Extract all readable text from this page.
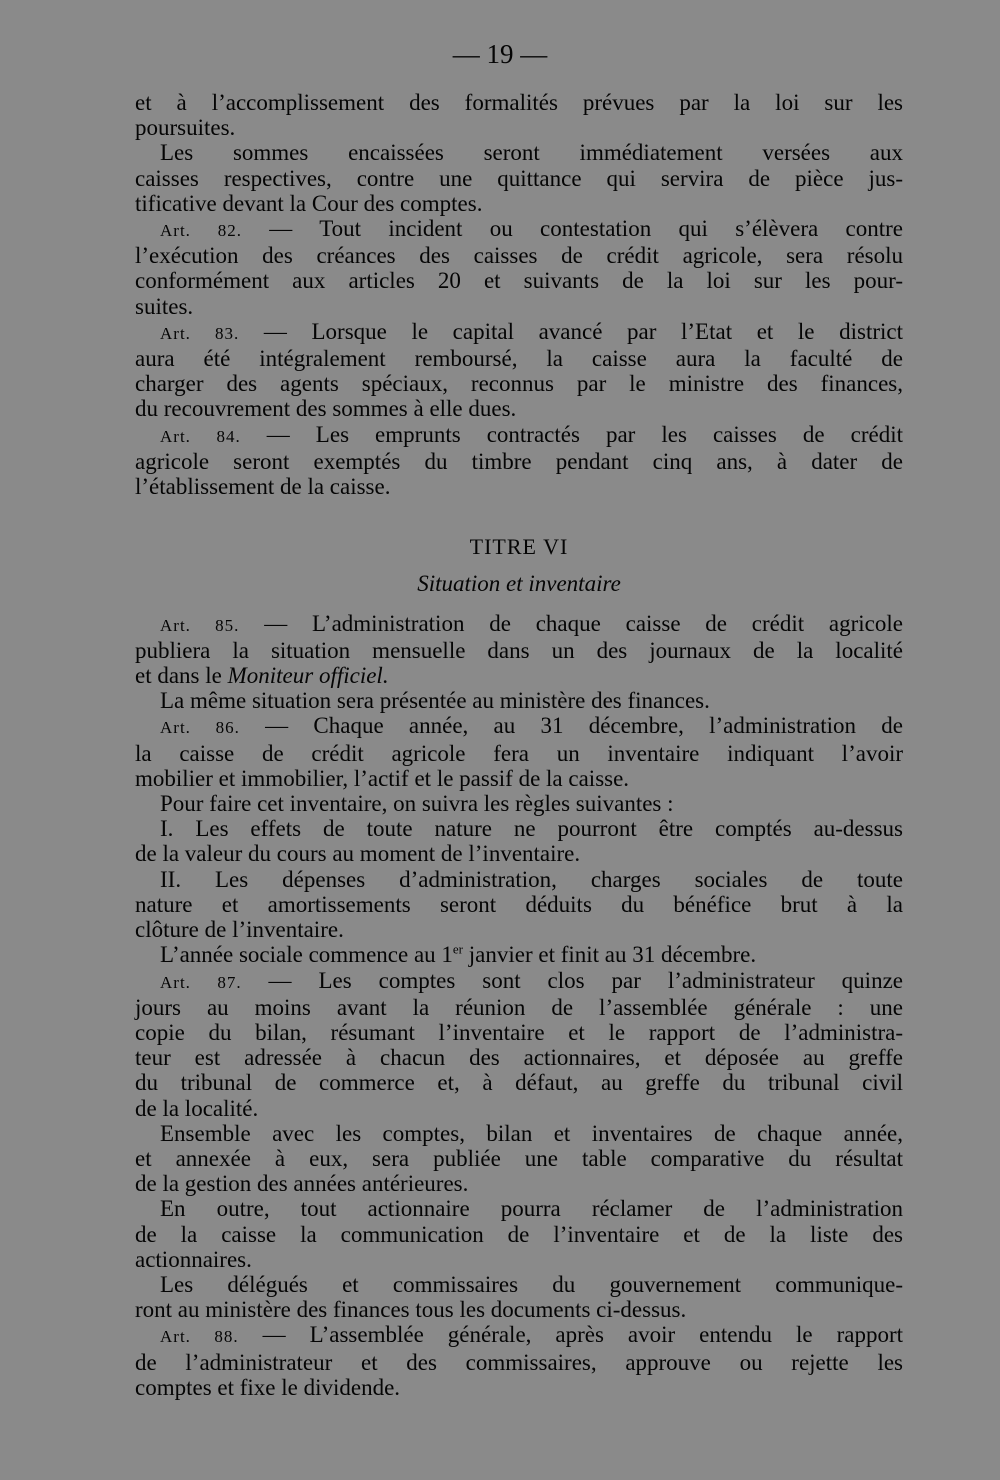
— 19 —
et à l’accomplissement des formalités prévues par la loi sur les
poursuites.
Les sommes encaissées seront immédiatement versées aux
caisses respectives, contre une quittance qui servira de pièce jus-
tificative devant la Cour des comptes.
Art. 82. — Tout incident ou contestation qui s’élèvera contre
l’exécution des créances des caisses de crédit agricole, sera résolu
conformément aux articles 20 et suivants de la loi sur les pour-
suites.
Art. 83. — Lorsque le capital avancé par l’Etat et le district
aura été intégralement remboursé, la caisse aura la faculté de
charger des agents spéciaux, reconnus par le ministre des finances,
du recouvrement des sommes à elle dues.
Art. 84. — Les emprunts contractés par les caisses de crédit
agricole seront exemptés du timbre pendant cinq ans, à dater de
l’établissement de la caisse.
TITRE VI
Situation et inventaire
Art. 85. — L’administration de chaque caisse de crédit agricole
publiera la situation mensuelle dans un des journaux de la localité
et dans le Moniteur officiel.
La même situation sera présentée au ministère des finances.
Art. 86. — Chaque année, au 31 décembre, l’administration de
la caisse de crédit agricole fera un inventaire indiquant l’avoir
mobilier et immobilier, l’actif et le passif de la caisse.
Pour faire cet inventaire, on suivra les règles suivantes :
I. Les effets de toute nature ne pourront être comptés au-dessus
de la valeur du cours au moment de l’inventaire.
II. Les dépenses d’administration, charges sociales de toute
nature et amortissements seront déduits du bénéfice brut à la
clôture de l’inventaire.
L’année sociale commence au 1er janvier et finit au 31 décembre.
Art. 87. — Les comptes sont clos par l’administrateur quinze
jours au moins avant la réunion de l’assemblée générale : une
copie du bilan, résumant l’inventaire et le rapport de l’administra-
teur est adressée à chacun des actionnaires, et déposée au greffe
du tribunal de commerce et, à défaut, au greffe du tribunal civil
de la localité.
Ensemble avec les comptes, bilan et inventaires de chaque année,
et annexée à eux, sera publiée une table comparative du résultat
de la gestion des années antérieures.
En outre, tout actionnaire pourra réclamer de l’administration
de la caisse la communication de l’inventaire et de la liste des
actionnaires.
Les délégués et commissaires du gouvernement communique-
ront au ministère des finances tous les documents ci-dessus.
Art. 88. — L’assemblée générale, après avoir entendu le rapport
de l’administrateur et des commissaires, approuve ou rejette les
comptes et fixe le dividende.
